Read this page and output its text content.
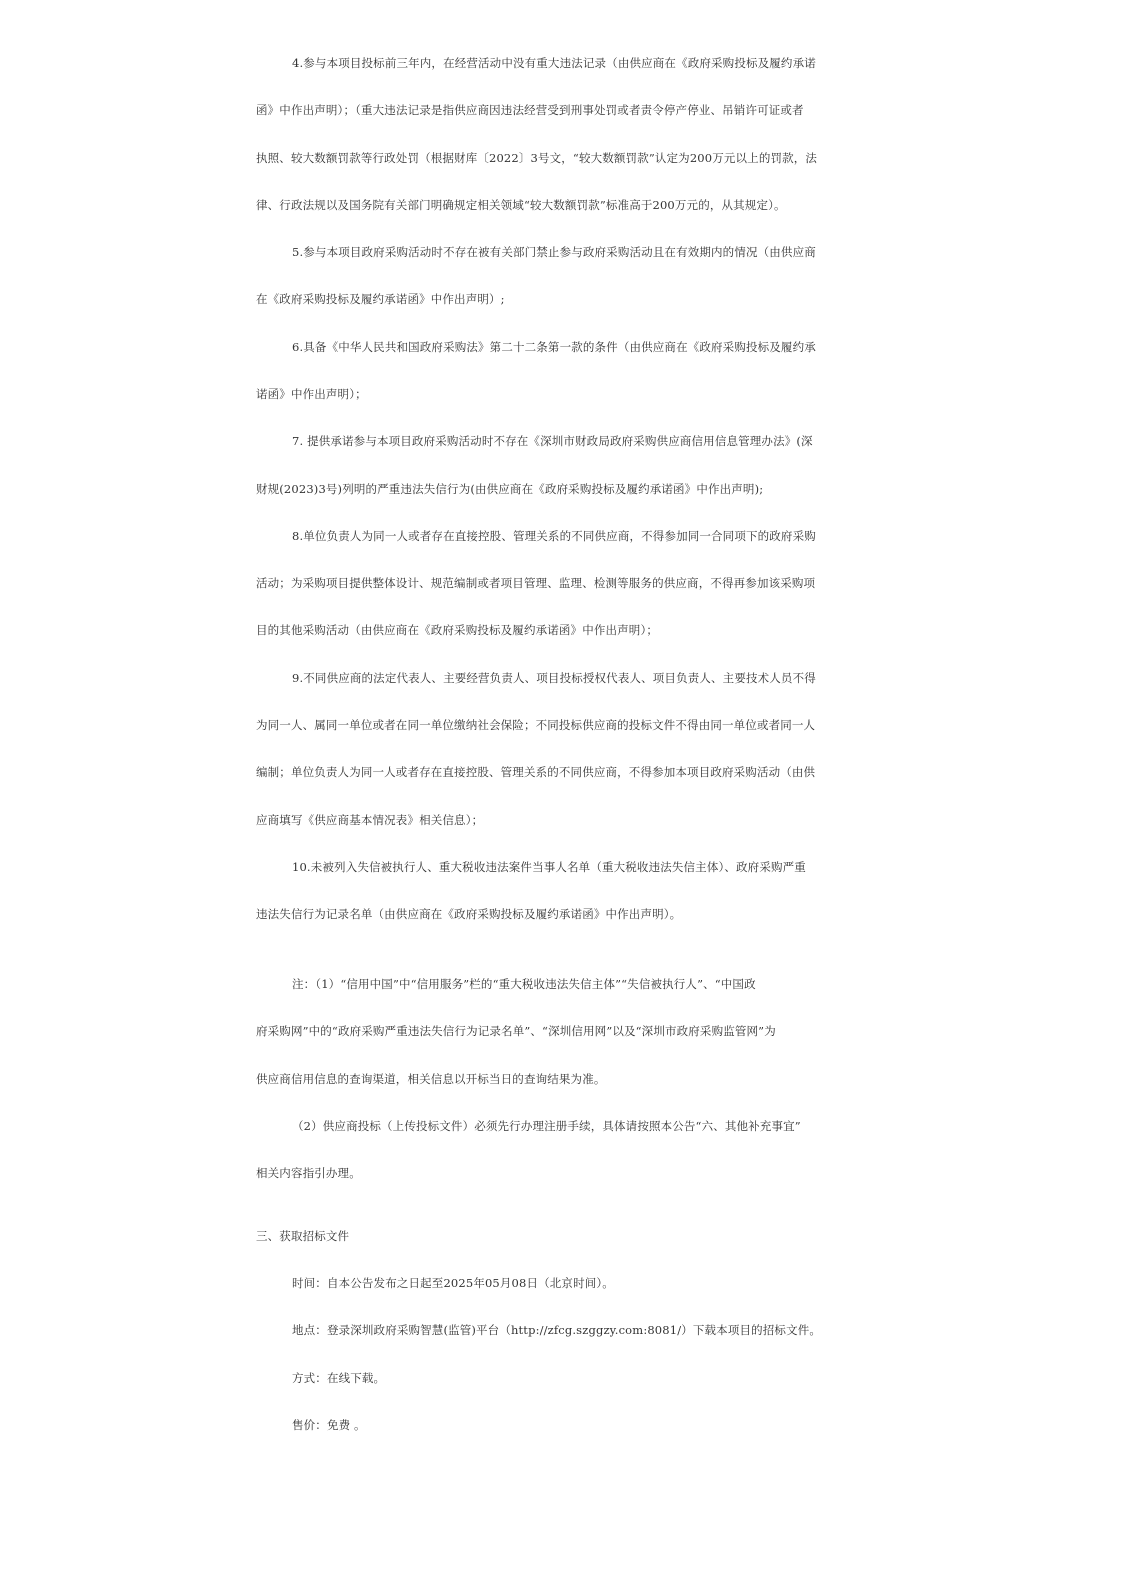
4.参与本项目投标前三年内，在经营活动中没有重大违法记录（由供应商在《政府采购投标及履约承诺
函》中作出声明）；（重大违法记录是指供应商因违法经营受到刑事处罚或者责令停产停业、吊销许可证或者
执照、较大数额罚款等行政处罚（根据财库〔2022〕3号文，“较大数额罚款”认定为200万元以上的罚款，法
律、行政法规以及国务院有关部门明确规定相关领域“较大数额罚款”标准高于200万元的，从其规定）。
5.参与本项目政府采购活动时不存在被有关部门禁止参与政府采购活动且在有效期内的情况（由供应商
在《政府采购投标及履约承诺函》中作出声明）;
6.具备《中华人民共和国政府采购法》第二十二条第一款的条件（由供应商在《政府采购投标及履约承
诺函》中作出声明）；
7. 提供承诺参与本项目政府采购活动时不存在《深圳市财政局政府采购供应商信用信息管理办法》(深
财规(2023)3号)列明的严重违法失信行为(由供应商在《政府采购投标及履约承诺函》中作出声明);
8.单位负责人为同一人或者存在直接控股、管理关系的不同供应商，不得参加同一合同项下的政府采购
活动；为采购项目提供整体设计、规范编制或者项目管理、监理、检测等服务的供应商，不得再参加该采购项
目的其他采购活动（由供应商在《政府采购投标及履约承诺函》中作出声明）；
9.不同供应商的法定代表人、主要经营负责人、项目投标授权代表人、项目负责人、主要技术人员不得
为同一人、属同一单位或者在同一单位缴纳社会保险；不同投标供应商的投标文件不得由同一单位或者同一人
编制；单位负责人为同一人或者存在直接控股、管理关系的不同供应商，不得参加本项目政府采购活动（由供
应商填写《供应商基本情况表》相关信息）；
10.未被列入失信被执行人、重大税收违法案件当事人名单（重大税收违法失信主体）、政府采购严重
违法失信行为记录名单（由供应商在《政府采购投标及履约承诺函》中作出声明）。
注：（1）“信用中国”中“信用服务”栏的“重大税收违法失信主体”“失信被执行人”、“中国政
府采购网”中的“政府采购严重违法失信行为记录名单”、“深圳信用网”以及“深圳市政府采购监管网”为
供应商信用信息的查询渠道，相关信息以开标当日的查询结果为准。
（2）供应商投标（上传投标文件）必须先行办理注册手续，具体请按照本公告“六、其他补充事宜”
相关内容指引办理。
三、获取招标文件
时间：自本公告发布之日起至2025年05月08日（北京时间）。
地点：登录深圳政府采购智慧(监管)平台（http://zfcg.szggzy.com:8081/）下载本项目的招标文件。
方式：在线下载。
售价：免费 。
